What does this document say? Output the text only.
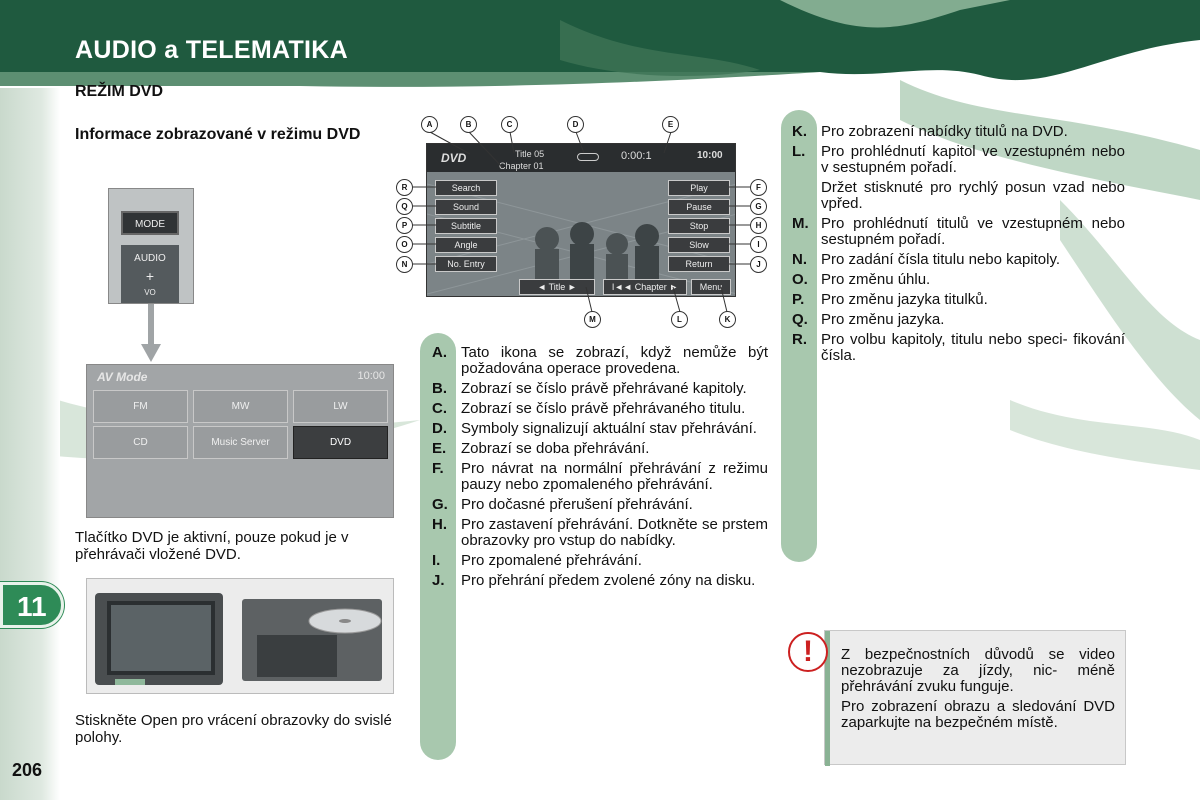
AUDIO a TELEMATIKA
REŽIM DVD
Informace zobrazované v režimu DVD
MODE
AUDIO
+
VO
AV Mode	10:00
FM	MW	LW
CD	Music Server	DVD
Tlačítko DVD je aktivní, pouze pokud je v přehrávači vložené DVD.
Stiskněte Open pro vrácení obrazovky do svislé polohy.
11
206
DVD	Title 05
Chapter 01
0:00:1	10:00
Search
Sound
Subtitle
Angle
No. Entry
Play
Pause
Stop
Slow
Return
◄ Title ►	I◄◄ Chapter ►	Menu
A	B	C	D	E
R
Q
P
O
N
F
G
H
I
J
M	L	K
A. Tato ikona se zobrazí, když nemůže být požadována operace provedena.
B. Zobrazí se číslo právě přehrávané kapitoly.
C. Zobrazí se číslo právě přehrávaného titulu.
D. Symboly signalizují aktuální stav přehrávání.
E. Zobrazí se doba přehrávání.
F.	Pro návrat na normální přehrávání z režimu pauzy nebo zpomaleného přehrávání.
G. Pro dočasné přerušení přehrávání.
H. Pro zastavení přehrávání. Dotkněte se prstem obrazovky pro vstup do nabídky.
I.	Pro zpomalené přehrávání.
J.	Pro přehrání předem zvolené zóny na disku.
K. Pro zobrazení nabídky titulů na DVD.
L.	Pro prohlédnutí kapitol ve vzestupném nebo v sestupném pořadí.
Držet stisknuté pro rychlý posun vzad nebo vpřed.
M. Pro prohlédnutí titulů ve vzestupném nebo sestupném pořadí.
N. Pro zadání čísla titulu nebo kapitoly.
O. Pro změnu úhlu.
P.	Pro změnu jazyka titulků.
Q. Pro změnu jazyka.
R. Pro volbu kapitoly, titulu nebo speci- fikování čísla.

Z bezpečnostních důvodů se video nezobrazuje za jízdy, nic- méně přehrávání zvuku funguje.

Pro zobrazení obrazu a sledování DVD zaparkujte na bezpečném místě.

!
